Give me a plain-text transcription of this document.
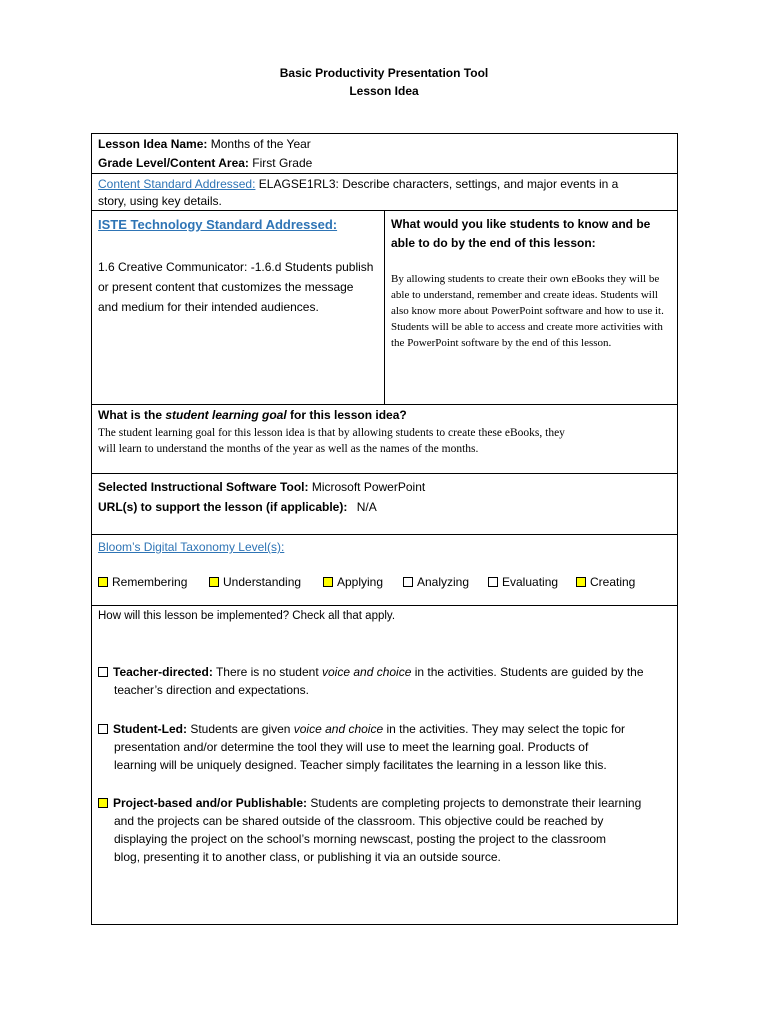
Basic Productivity Presentation Tool
Lesson Idea
Lesson Idea Name: Months of the Year
Grade Level/Content Area: First Grade
Content Standard Addressed: ELAGSE1RL3: Describe characters, settings, and major events in a
story, using key details.
ISTE Technology Standard Addressed:
1.6 Creative Communicator: -1.6.d Students publish or present content that customizes the message and medium for their intended audiences.
What would you like students to know and be able to do by the end of this lesson:
By allowing students to create their own eBooks they will be able to understand, remember and create ideas. Students will also know more about PowerPoint software and how to use it. Students will be able to access and create more activities with the PowerPoint software by the end of this lesson.
What is the student learning goal for this lesson idea?
The student learning goal for this lesson idea is that by allowing students to create these eBooks, they
will learn to understand the months of the year as well as the names of the months.
Selected Instructional Software Tool: Microsoft PowerPoint
URL(s) to support the lesson (if applicable): N/A
Bloom’s Digital Taxonomy Level(s):
Remembering	Understanding	Applying	Analyzing	Evaluating	Creating
How will this lesson be implemented? Check all that apply.
Teacher-directed: There is no student voice and choice in the activities. Students are guided by the
teacher’s direction and expectations.
Student-Led: Students are given voice and choice in the activities. They may select the topic for
presentation and/or determine the tool they will use to meet the learning goal. Products of
learning will be uniquely designed. Teacher simply facilitates the learning in a lesson like this.
Project-based and/or Publishable: Students are completing projects to demonstrate their learning
and the projects can be shared outside of the classroom. This objective could be reached by
displaying the project on the school’s morning newscast, posting the project to the classroom
blog, presenting it to another class, or publishing it via an outside source.
